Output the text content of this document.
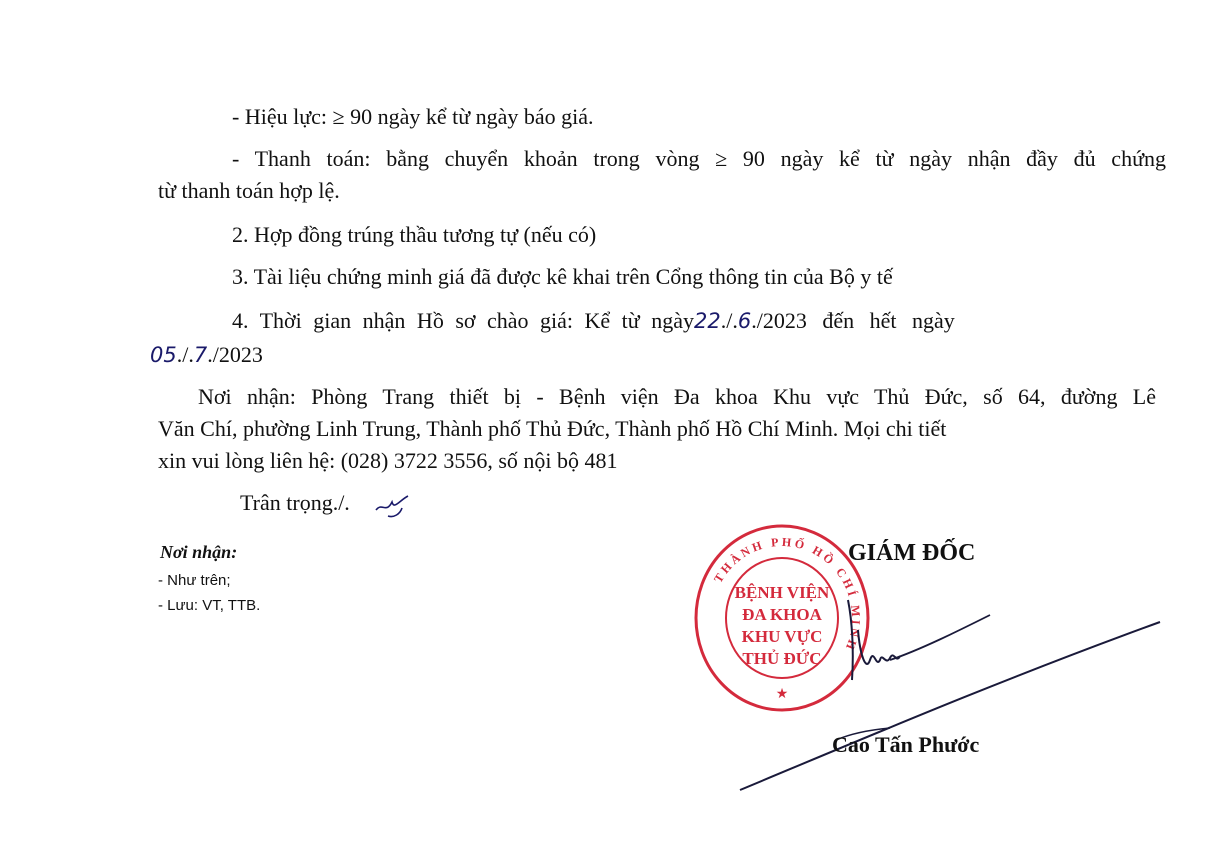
- Hiệu lực: ≥ 90 ngày kể từ ngày báo giá.
- Thanh toán: bằng chuyển khoản trong vòng ≥ 90 ngày kể từ ngày nhận đầy đủ chứng
từ thanh toán hợp lệ.
2. Hợp đồng trúng thầu tương tự (nếu có)
3. Tài liệu chứng minh giá đã được kê khai trên Cổng thông tin của Bộ y tế
4. Thời gian nhận Hồ sơ chào giá: Kể từ ngày22./.6./2023 đến hết ngày
05./.7./2023
Nơi nhận: Phòng Trang thiết bị - Bệnh viện Đa khoa Khu vực Thủ Đức, số 64, đường Lê
Văn Chí, phường Linh Trung, Thành phố Thủ Đức, Thành phố Hồ Chí Minh. Mọi chi tiết
xin vui lòng liên hệ: (028) 3722 3556, số nội bộ 481
Trân trọng./.
Nơi nhận:
- Như trên;
- Lưu: VT, TTB.
GIÁM ĐỐC
THÀNH PHỐ HỒ CHÍ MINH
★
BỆNH VIỆN
ĐA KHOA
KHU VỰC
THỦ ĐỨC
Cao Tấn Phước
